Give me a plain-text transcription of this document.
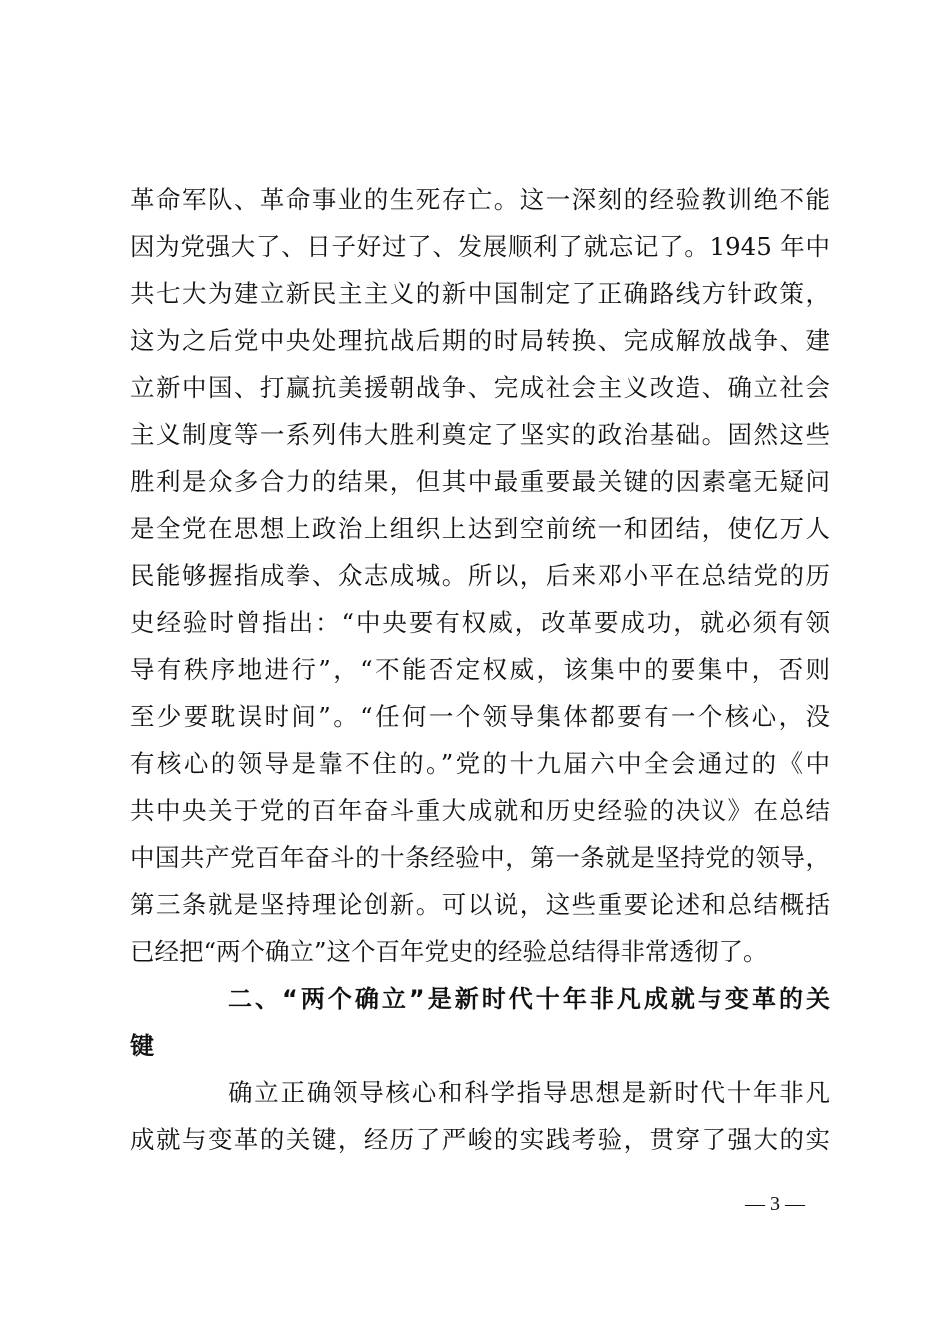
革命军队、革命事业的生死存亡。这一深刻的经验教训绝不能
因为党强大了、日子好过了、发展顺利了就忘记了。1945 年中
共七大为建立新民主主义的新中国制定了正确路线方针政策，
这为之后党中央处理抗战后期的时局转换、完成解放战争、建
立新中国、打赢抗美援朝战争、完成社会主义改造、确立社会
主义制度等一系列伟大胜利奠定了坚实的政治基础。固然这些
胜利是众多合力的结果，但其中最重要最关键的因素毫无疑问
是全党在思想上政治上组织上达到空前统一和团结，使亿万人
民能够握指成拳、众志成城。所以，后来邓小平在总结党的历
史经验时曾指出：“中央要有权威，改革要成功，就必须有领
导有秩序地进行”，“不能否定权威，该集中的要集中，否则
至少要耽误时间”。“任何一个领导集体都要有一个核心，没
有核心的领导是靠不住的。”党的十九届六中全会通过的《中
共中央关于党的百年奋斗重大成就和历史经验的决议》在总结
中国共产党百年奋斗的十条经验中，第一条就是坚持党的领导，
第三条就是坚持理论创新。可以说，这些重要论述和总结概括
已经把“两个确立”这个百年党史的经验总结得非常透彻了。
二、“两个确立”是新时代十年非凡成就与变革的关
键
确立正确领导核心和科学指导思想是新时代十年非凡
成就与变革的关键，经历了严峻的实践考验，贯穿了强大的实
— 3 —
